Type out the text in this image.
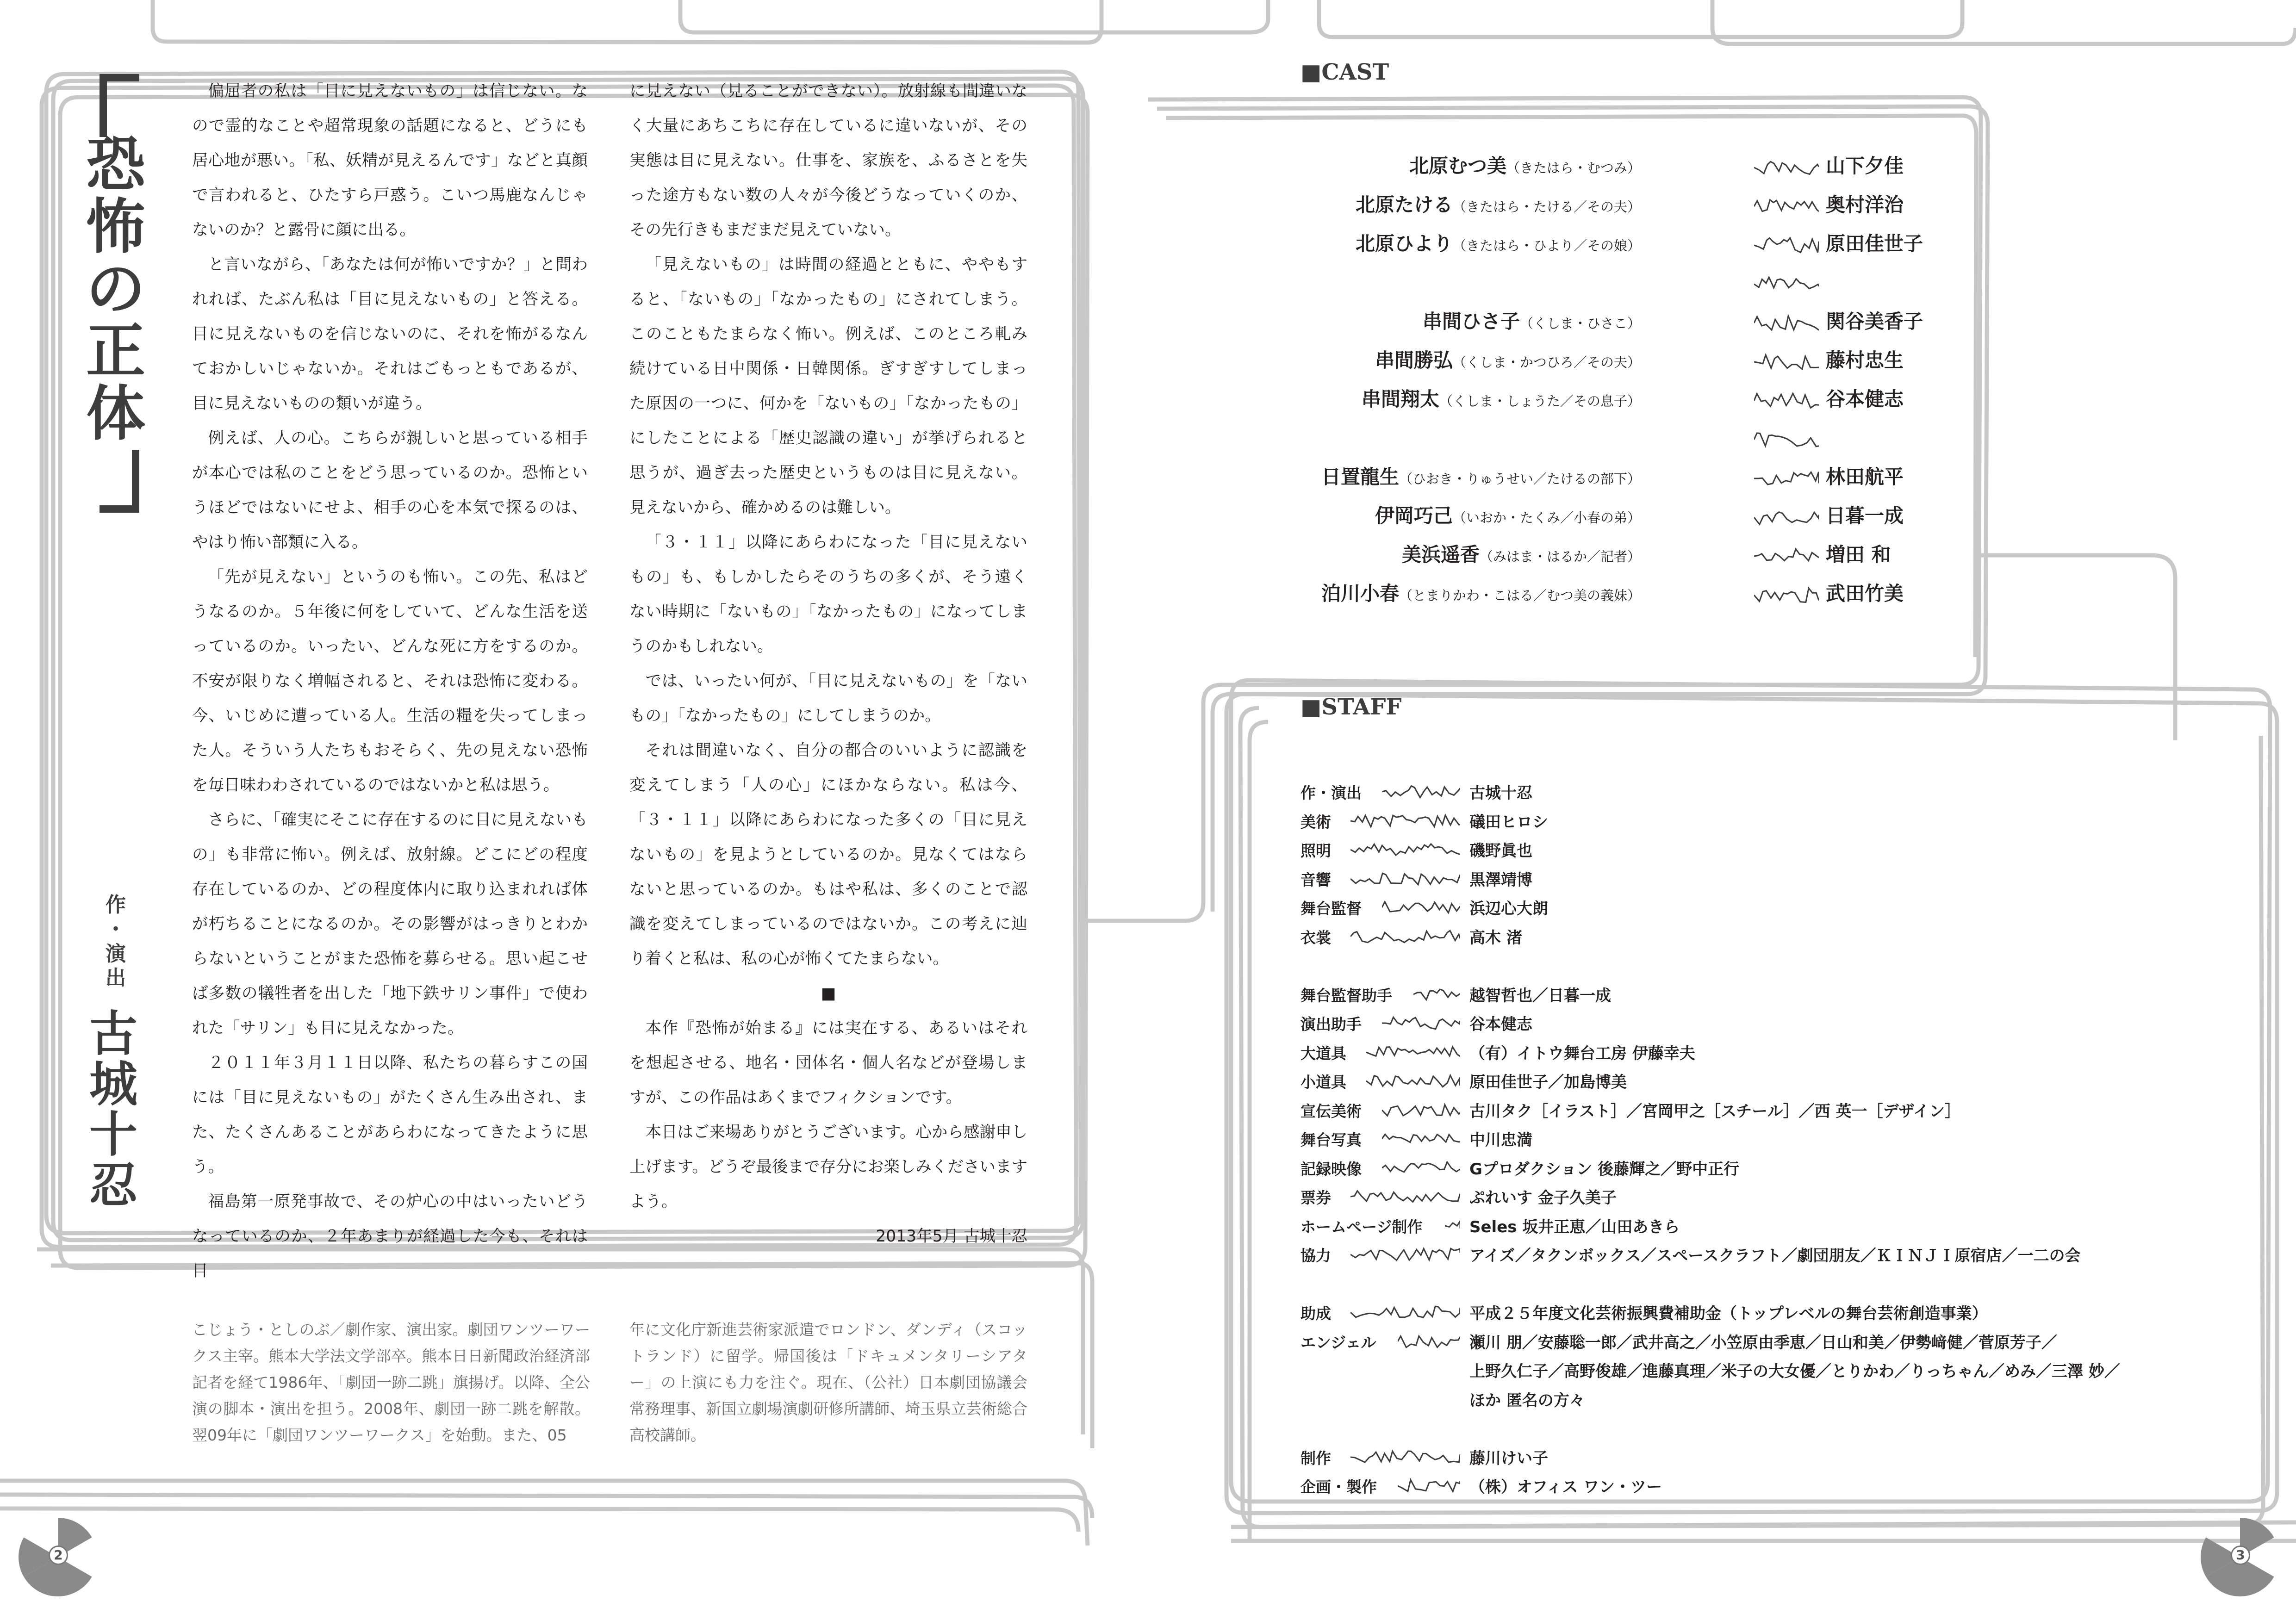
恐
怖
の
正
体
作
・
演
出
古
城
十
忍

偏屈者の私は「目に見えないもの」は信じない。なので霊的なことや超常現象の話題になると、どうにも居心地が悪い。「私、妖精が見えるんです」などと真顔で言われると、ひたすら戸惑う。こいつ馬鹿なんじゃないのか？と露骨に顔に出る。

と言いながら、「あなたは何が怖いですか？」と問われれば、たぶん私は「目に見えないもの」と答える。目に見えないものを信じないのに、それを怖がるなんておかしいじゃないか。それはごもっともであるが、目に見えないものの類いが違う。

例えば、人の心。こちらが親しいと思っている相手が本心では私のことをどう思っているのか。恐怖というほどではないにせよ、相手の心を本気で探るのは、やはり怖い部類に入る。

「先が見えない」というのも怖い。この先、私はどうなるのか。５年後に何をしていて、どんな生活を送っているのか。いったい、どんな死に方をするのか。不安が限りなく増幅されると、それは恐怖に変わる。今、いじめに遭っている人。生活の糧を失ってしまった人。そういう人たちもおそらく、先の見えない恐怖を毎日味わわされているのではないかと私は思う。

さらに、「確実にそこに存在するのに目に見えないもの」も非常に怖い。例えば、放射線。どこにどの程度存在しているのか、どの程度体内に取り込まれれば体が朽ちることになるのか。その影響がはっきりとわからないということがまた恐怖を募らせる。思い起こせば多数の犠牲者を出した「地下鉄サリン事件」で使われた「サリン」も目に見えなかった。

２０１１年３月１１日以降、私たちの暮らすこの国には「目に見えないもの」がたくさん生み出され、また、たくさんあることがあらわになってきたように思う。

福島第一原発事故で、その炉心の中はいったいどうなっているのか、２年あまりが経過した今も、それは目

に見えない（見ることができない）。放射線も間違いなく大量にあちこちに存在しているに違いないが、その実態は目に見えない。仕事を、家族を、ふるさとを失った途方もない数の人々が今後どうなっていくのか、その先行きもまだまだ見えていない。

「見えないもの」は時間の経過とともに、ややもすると、「ないもの」「なかったもの」にされてしまう。このこともたまらなく怖い。例えば、このところ軋み続けている日中関係・日韓関係。ぎすぎすしてしまった原因の一つに、何かを「ないもの」「なかったもの」にしたことによる「歴史認識の違い」が挙げられると思うが、過ぎ去った歴史というものは目に見えない。見えないから、確かめるのは難しい。

「３・１１」以降にあらわになった「目に見えないもの」も、もしかしたらそのうちの多くが、そう遠くない時期に「ないもの」「なかったもの」になってしまうのかもしれない。

では、いったい何が、「目に見えないもの」を「ないもの」「なかったもの」にしてしまうのか。

それは間違いなく、自分の都合のいいように認識を変えてしまう「人の心」にほかならない。私は今、「３・１１」以降にあらわになった多くの「目に見えないもの」を見ようとしているのか。見なくてはならないと思っているのか。もはや私は、多くのことで認識を変えてしまっているのではないか。この考えに辿り着くと私は、私の心が怖くてたまらない。

■

本作『恐怖が始まる』には実在する、あるいはそれを想起させる、地名・団体名・個人名などが登場しますが、この作品はあくまでフィクションです。

本日はご来場ありがとうございます。心から感謝申し上げます。どうぞ最後まで存分にお楽しみくださいますよう。

2013年5月 古城十忍

こじょう・としのぶ／劇作家、演出家。劇団ワンツーワークス主宰。熊本大学法文学部卒。熊本日日新聞政治経済部記者を経て1986年、「劇団一跡二跳」旗揚げ。以降、全公演の脚本・演出を担う。2008年、劇団一跡二跳を解散。翌09年に「劇団ワンツーワークス」を始動。また、05
年に文化庁新進芸術家派遣でロンドン、ダンディ（スコットランド）に留学。帰国後は「ドキュメンタリーシアター」の上演にも力を注ぐ。現在、（公社）日本劇団協議会常務理事、新国立劇場演劇研修所講師、埼玉県立芸術総合高校講師。
■CAST
北原むつ美（きたはら・むつみ）	山下夕佳
北原たける（きたはら・たける／その夫）	奥村洋治
北原ひより（きたはら・ひより／その娘）	原田佳世子
串間ひさ子（くしま・ひさこ）	関谷美香子
串間勝弘（くしま・かつひろ／その夫）	藤村忠生
串間翔太（くしま・しょうた／その息子）	谷本健志
日置龍生（ひおき・りゅうせい／たけるの部下）	林田航平
伊岡巧己（いおか・たくみ／小春の弟）	日暮一成
美浜遥香（みはま・はるか／記者）	増田 和
泊川小春（とまりかわ・こはる／むつ美の義妹）	武田竹美
■STAFF
作・演出	古城十忍
美術	礒田ヒロシ
照明	磯野眞也
音響	黒澤靖博
舞台監督	浜辺心大朗
衣裳	高木 渚
舞台監督助手	越智哲也／日暮一成
演出助手	谷本健志
大道具	（有）イトウ舞台工房 伊藤幸夫
小道具	原田佳世子／加島博美
宣伝美術	古川タク［イラスト］／宮岡甲之［スチール］／西 英一［デザイン］
舞台写真	中川忠満
記録映像	Gプロダクション 後藤輝之／野中正行
票券	ぷれいす 金子久美子
ホームページ制作	Seles 坂井正恵／山田あきら
協力	アイズ／タクンボックス／スペースクラフト／劇団朋友／ＫＩＮＪＩ原宿店／一二の会
助成	平成２５年度文化芸術振興費補助金（トップレベルの舞台芸術創造事業）
エンジェル	瀬川 朋／安藤聡一郎／武井高之／小笠原由季恵／日山和美／伊勢﨑健／菅原芳子／
上野久仁子／高野俊雄／進藤真理／米子の大女優／とりかわ／りっちゃん／めみ／三澤 妙／
ほか 匿名の方々
制作	藤川けい子
企画・製作	（株）オフィス ワン・ツー
2	3
